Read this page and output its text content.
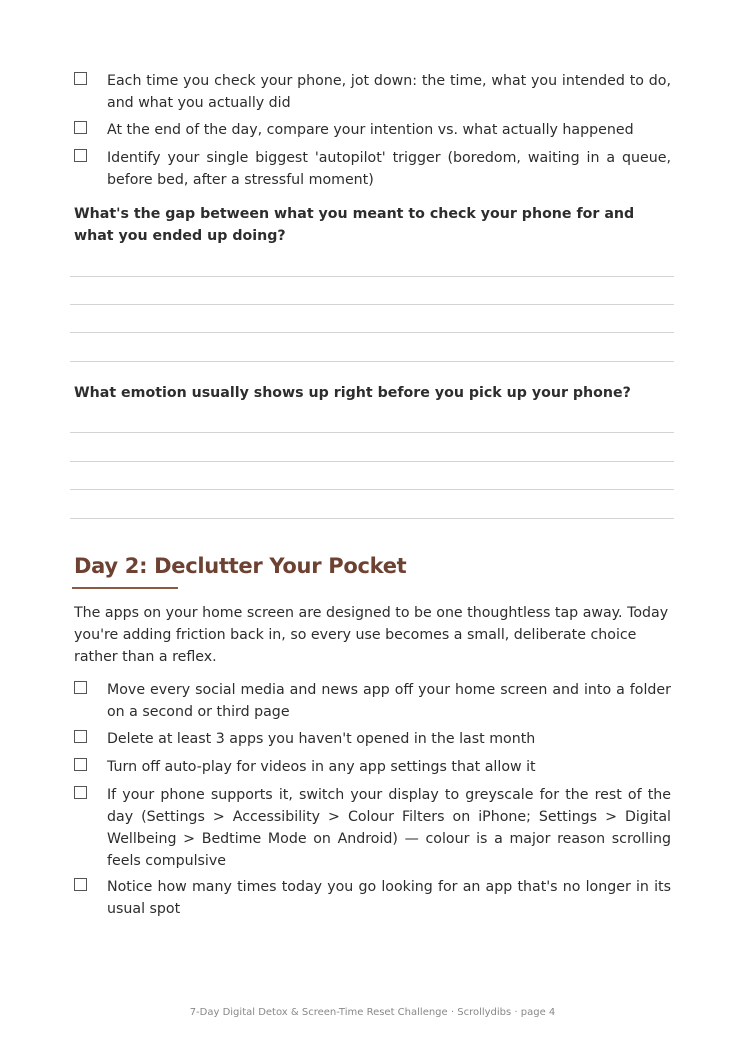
Each time you check your phone, jot down: the time, what you intended to do, and what you actually did
At the end of the day, compare your intention vs. what actually happened
Identify your single biggest 'autopilot' trigger (boredom, waiting in a queue, before bed, after a stressful moment)
What's the gap between what you meant to check your phone for and what you ended up doing?
What emotion usually shows up right before you pick up your phone?
Day 2: Declutter Your Pocket
The apps on your home screen are designed to be one thoughtless tap away. Today you're adding friction back in, so every use becomes a small, deliberate choice rather than a reflex.
Move every social media and news app off your home screen and into a folder on a second or third page
Delete at least 3 apps you haven't opened in the last month
Turn off auto-play for videos in any app settings that allow it
If your phone supports it, switch your display to greyscale for the rest of the day (Settings > Accessibility > Colour Filters on iPhone; Settings > Digital Wellbeing > Bedtime Mode on Android) — colour is a major reason scrolling feels compulsive
Notice how many times today you go looking for an app that's no longer in its usual spot
7-Day Digital Detox & Screen-Time Reset Challenge · Scrollydibs · page 4
